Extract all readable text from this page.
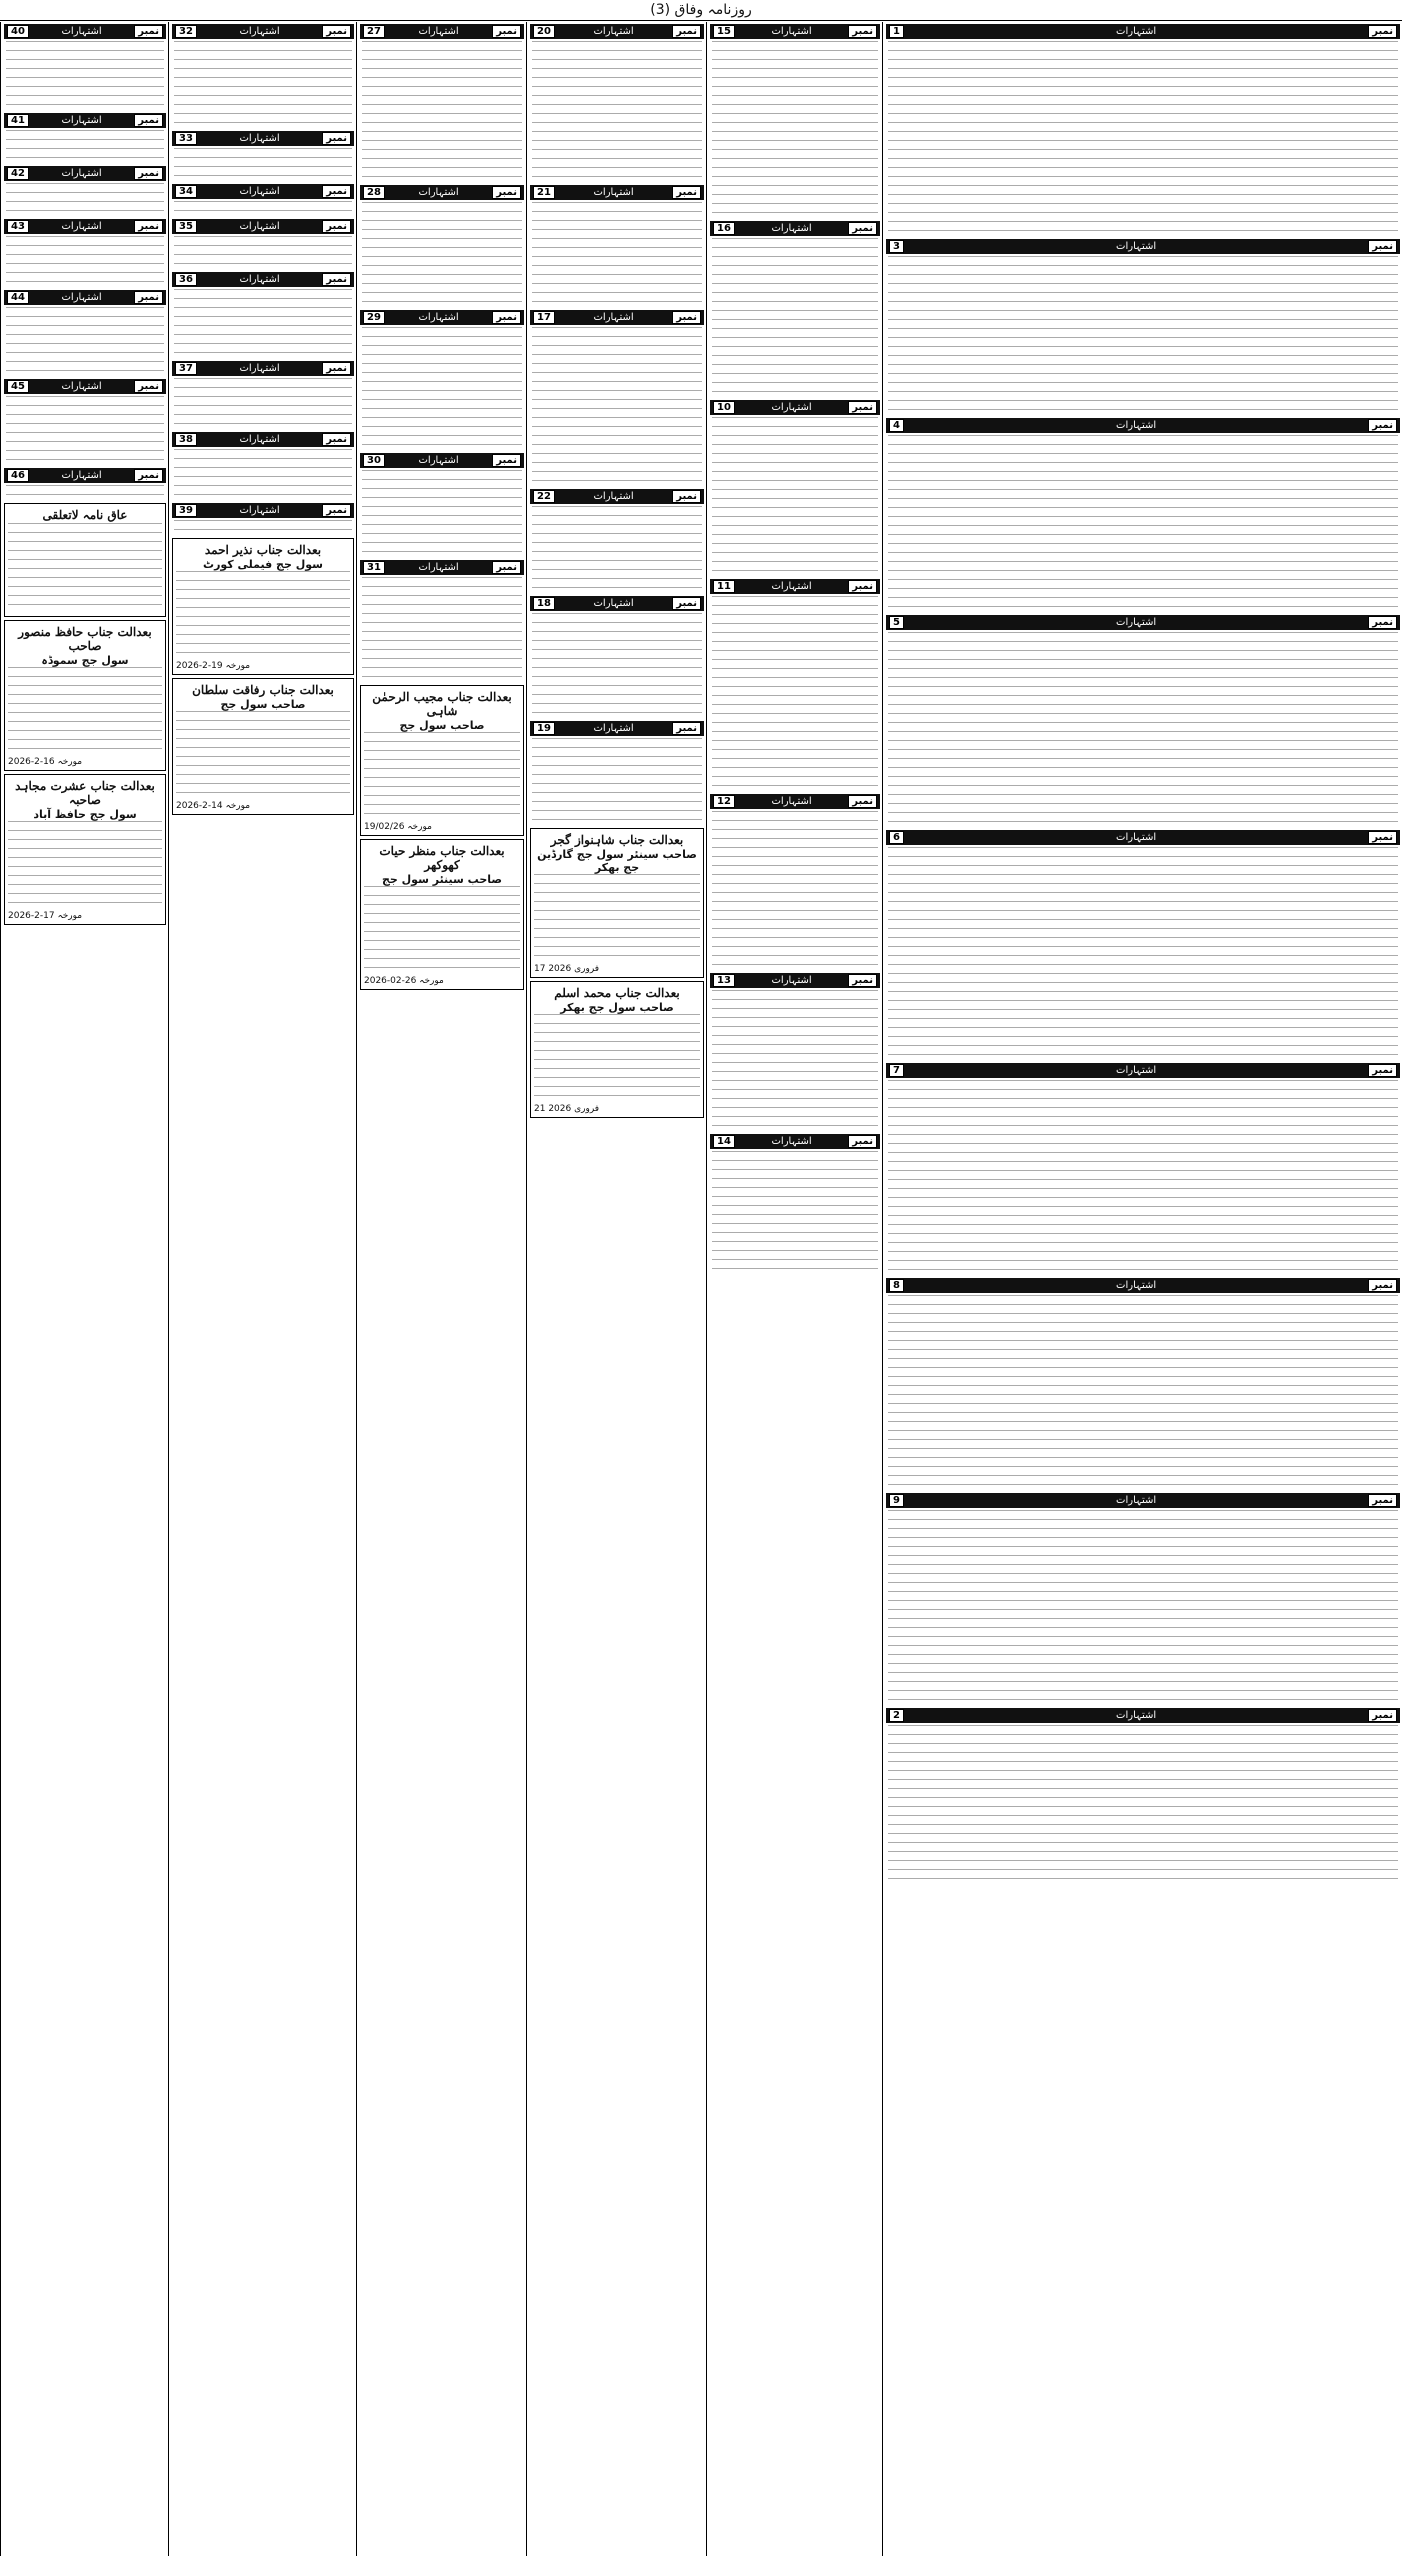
روزنامہ وفاق (3)
40	اشتہارات	نمبر
41	اشتہارات	نمبر
42	اشتہارات	نمبر
43	اشتہارات	نمبر
44	اشتہارات	نمبر
45	اشتہارات	نمبر
46	اشتہارات	نمبر
عاق نامہ لاتعلقی
بعدالت جناب حافظ منصور صاحب
سول جج سموڈہ
مورخہ 16-2-2026
بعدالت جناب عشرت مجاہد صاحبہ
سول جج حافظ آباد
مورخہ 17-2-2026
32	اشتہارات	نمبر
33	اشتہارات	نمبر
34	اشتہارات	نمبر
35	اشتہارات	نمبر
36	اشتہارات	نمبر
37	اشتہارات	نمبر
38	اشتہارات	نمبر
39	اشتہارات	نمبر
بعدالت جناب نذیر احمد
سول جج فیملی کورٹ
مورخہ 19-2-2026
بعدالت جناب رفاقت سلطان
صاحب سول جج
مورخہ 14-2-2026
27	اشتہارات	نمبر
28	اشتہارات	نمبر
29	اشتہارات	نمبر
30	اشتہارات	نمبر
31	اشتہارات	نمبر
بعدالت جناب مجیب الرحمٰن شاہی
صاحب سول جج
مورخہ 19/02/26
بعدالت جناب منظر حیات کھوکھر
صاحب سینئر سول جج
مورخہ 26-02-2026
20	اشتہارات	نمبر
21	اشتہارات	نمبر
17	اشتہارات	نمبر
22	اشتہارات	نمبر
18	اشتہارات	نمبر
19	اشتہارات	نمبر
بعدالت جناب شاہنواز گجر
صاحب سینئر سول جج گارڈین جج بھکر
17 فروری 2026
بعدالت جناب محمد اسلم
صاحب سول جج بھکر
21 فروری 2026
15	اشتہارات	نمبر
16	اشتہارات	نمبر
10	اشتہارات	نمبر
11	اشتہارات	نمبر
12	اشتہارات	نمبر
13	اشتہارات	نمبر
14	اشتہارات	نمبر
1	اشتہارات	نمبر
3	اشتہارات	نمبر
4	اشتہارات	نمبر
5	اشتہارات	نمبر
6	اشتہارات	نمبر
7	اشتہارات	نمبر
8	اشتہارات	نمبر
9	اشتہارات	نمبر
2	اشتہارات	نمبر
